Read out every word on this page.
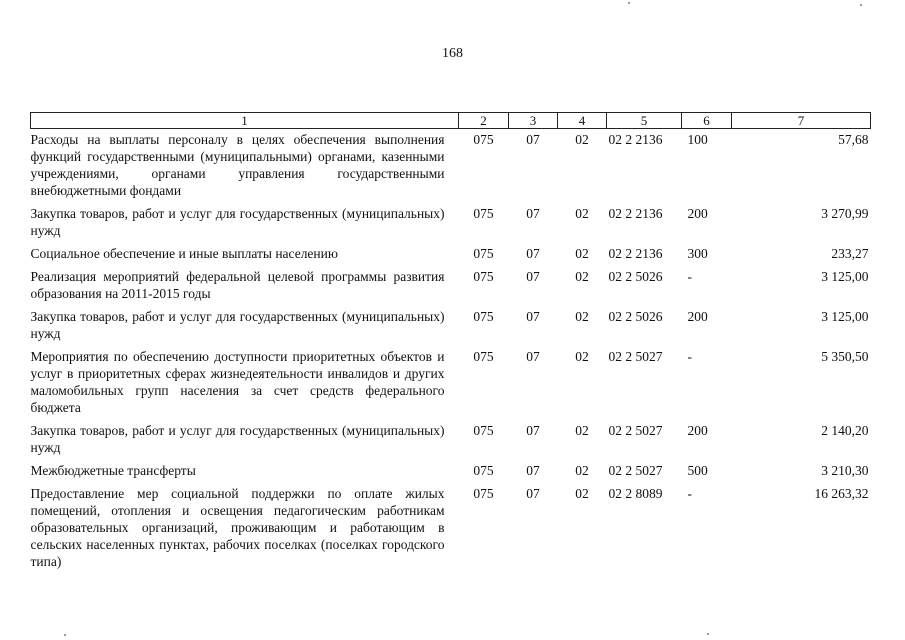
168
1	2	3	4	5	6	7
Расходы на выплаты персоналу в целях обеспечения выполнения функций государственными (муниципальными) органами, казенными учреждениями, органами управления государственными внебюджетными фондами	075	07	02	02 2 2136	100	57,68
Закупка товаров, работ и услуг для государственных (муниципальных) нужд	075	07	02	02 2 2136	200	3 270,99
Социальное обеспечение и иные выплаты населению	075	07	02	02 2 2136	300	233,27
Реализация мероприятий федеральной целевой программы развития образования на 2011-2015 годы	075	07	02	02 2 5026	-	3 125,00
Закупка товаров, работ и услуг для государственных (муниципальных) нужд	075	07	02	02 2 5026	200	3 125,00
Мероприятия по обеспечению доступности приоритетных объектов и услуг в приоритетных сферах жизнедеятельности инвалидов и других маломобильных групп населения за счет средств федерального бюджета	075	07	02	02 2 5027	-	5 350,50
Закупка товаров, работ и услуг для государственных (муниципальных) нужд	075	07	02	02 2 5027	200	2 140,20
Межбюджетные трансферты	075	07	02	02 2 5027	500	3 210,30
Предоставление мер социальной поддержки по оплате жилых помещений, отопления и освещения педагогическим работникам образовательных организаций, проживающим и работающим в сельских населенных пунктах, рабочих поселках (поселках городского типа)	075	07	02	02 2 8089	-	16 263,32
